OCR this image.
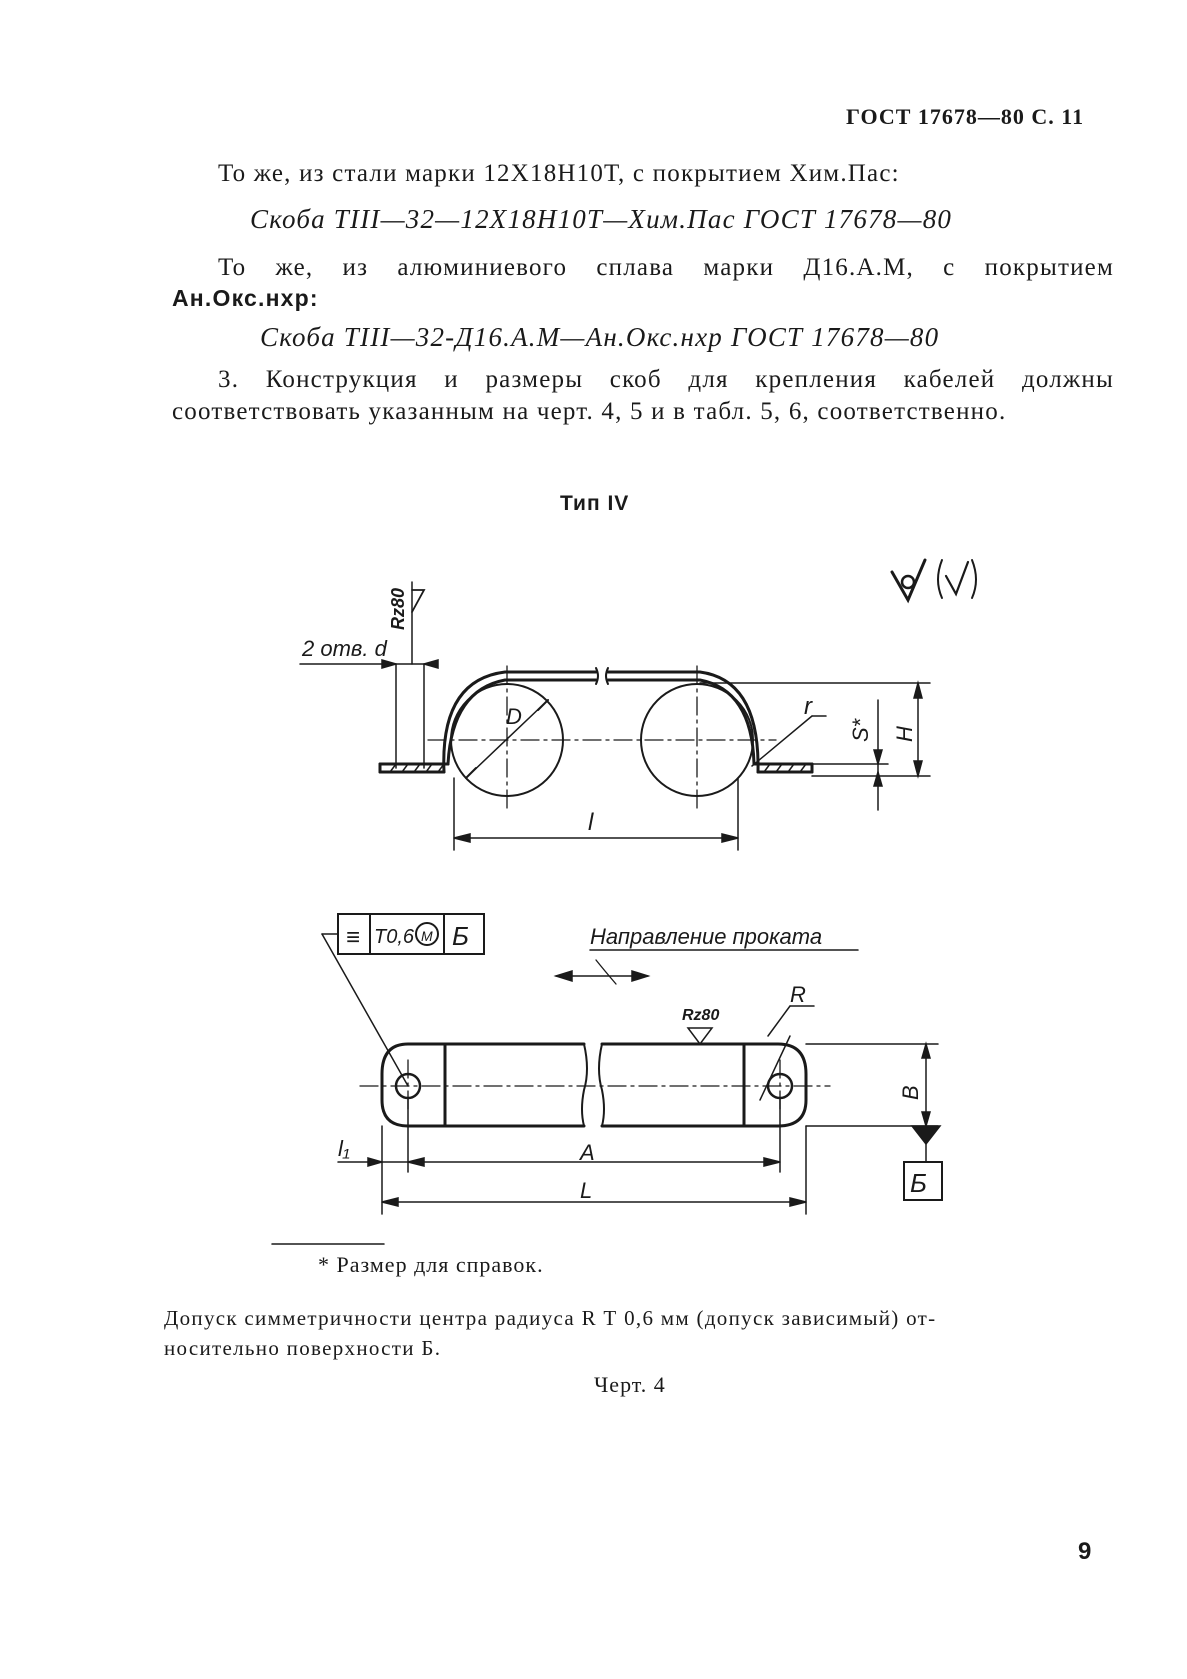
ГОСТ 17678—80 С. 11
То же, из стали марки 12Х18Н10Т, с покрытием Хим.Пас:
Скоба ТIII—32—12Х18Н10Т—Хим.Пас ГОСТ 17678—80
То же, из алюминиевого сплава марки Д16.А.М, с покрытием
Ан.Окс.нхр:
Скоба ТIII—32-Д16.А.М—Ан.Окс.нхр ГОСТ 17678—80
3. Конструкция и размеры скоб для крепления кабелей должны соответствовать указанным на черт. 4, 5 и в табл. 5, 6, соответственно.
Тип IV
Rz80
2 отв. d
D	r
S* H
l
≡ Т0,6 М Б	Направление проката
Rz80
R
B
l₁	A
L	Б
* Размер для справок.
Допуск симметричности центра радиуса R Т 0,6 мм (допуск зависимый) от-
носительно поверхности Б.
Черт. 4
9
